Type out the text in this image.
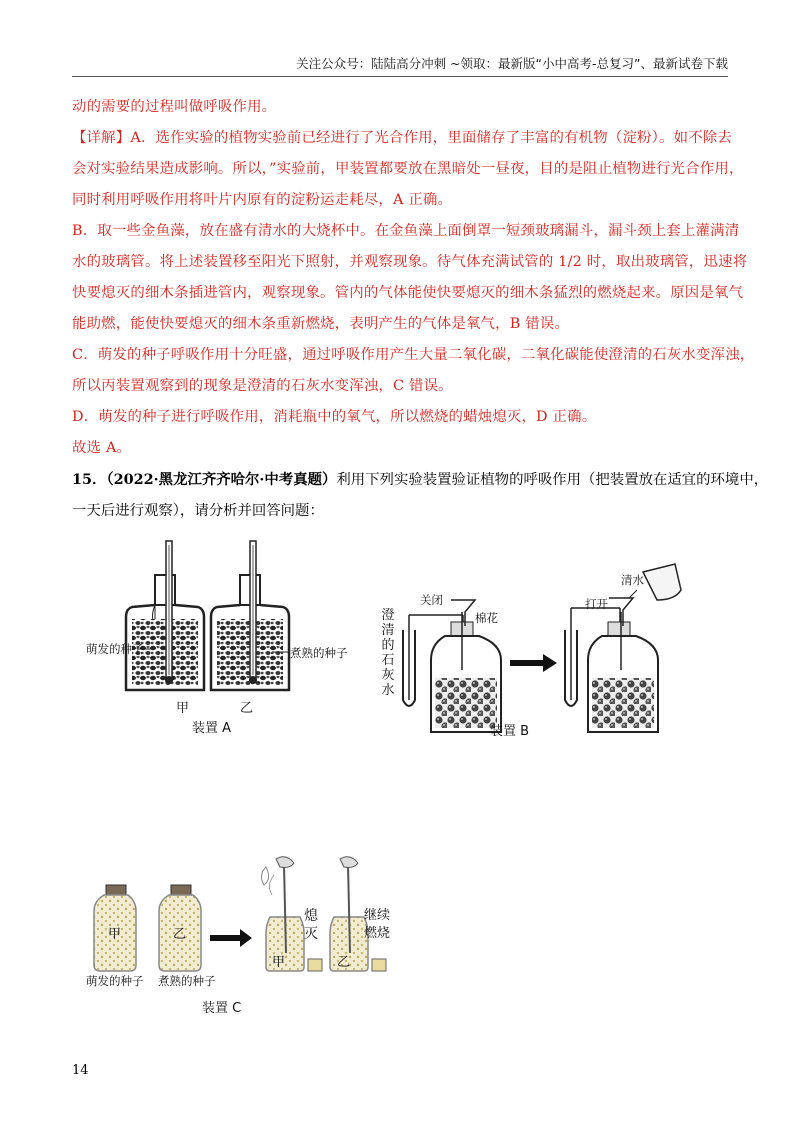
关注公众号：陆陆高分冲刺 ~领取：最新版“小中高考-总复习”、最新试卷下载
动的需要的过程叫做呼吸作用。
【详解】A．选作实验的植物实验前已经进行了光合作用，里面储存了丰富的有机物（淀粉）。如不除去
会对实验结果造成影响。所以，”实验前，甲装置都要放在黑暗处一昼夜，目的是阻止植物进行光合作用，
同时利用呼吸作用将叶片内原有的淀粉运走耗尽，A 正确。
B．取一些金鱼藻，放在盛有清水的大烧杯中。在金鱼藻上面倒罩一短颈玻璃漏斗，漏斗颈上套上灌满清
水的玻璃管。将上述装置移至阳光下照射，并观察现象。待气体充满试管的 1/2 时，取出玻璃管，迅速将
快要熄灭的细木条插进管内，观察现象。管内的气体能使快要熄灭的细木条猛烈的燃烧起来。原因是氧气
能助燃，能使快要熄灭的细木条重新燃烧，表明产生的气体是氧气，B 错误。
C．萌发的种子呼吸作用十分旺盛，通过呼吸作用产生大量二氧化碳，二氧化碳能使澄清的石灰水变浑浊，
所以丙装置观察到的现象是澄清的石灰水变浑浊，C 错误。
D．萌发的种子进行呼吸作用，消耗瓶中的氧气，所以燃烧的蜡烛熄灭，D 正确。
故选 A。
15．（2022·黑龙江齐齐哈尔·中考真题）利用下列实验装置验证植物的呼吸作用（把装置放在适宜的环境中，
一天后进行观察），请分析并回答问题：
萌发的种子	煮熟的种子
甲	乙
装置 A
关闭
棉花
澄清的石灰水
打开
清水
装置 B
甲	乙
萌发的种子 煮熟的种子
熄灭
继续燃烧
甲	乙
装置 C
14
